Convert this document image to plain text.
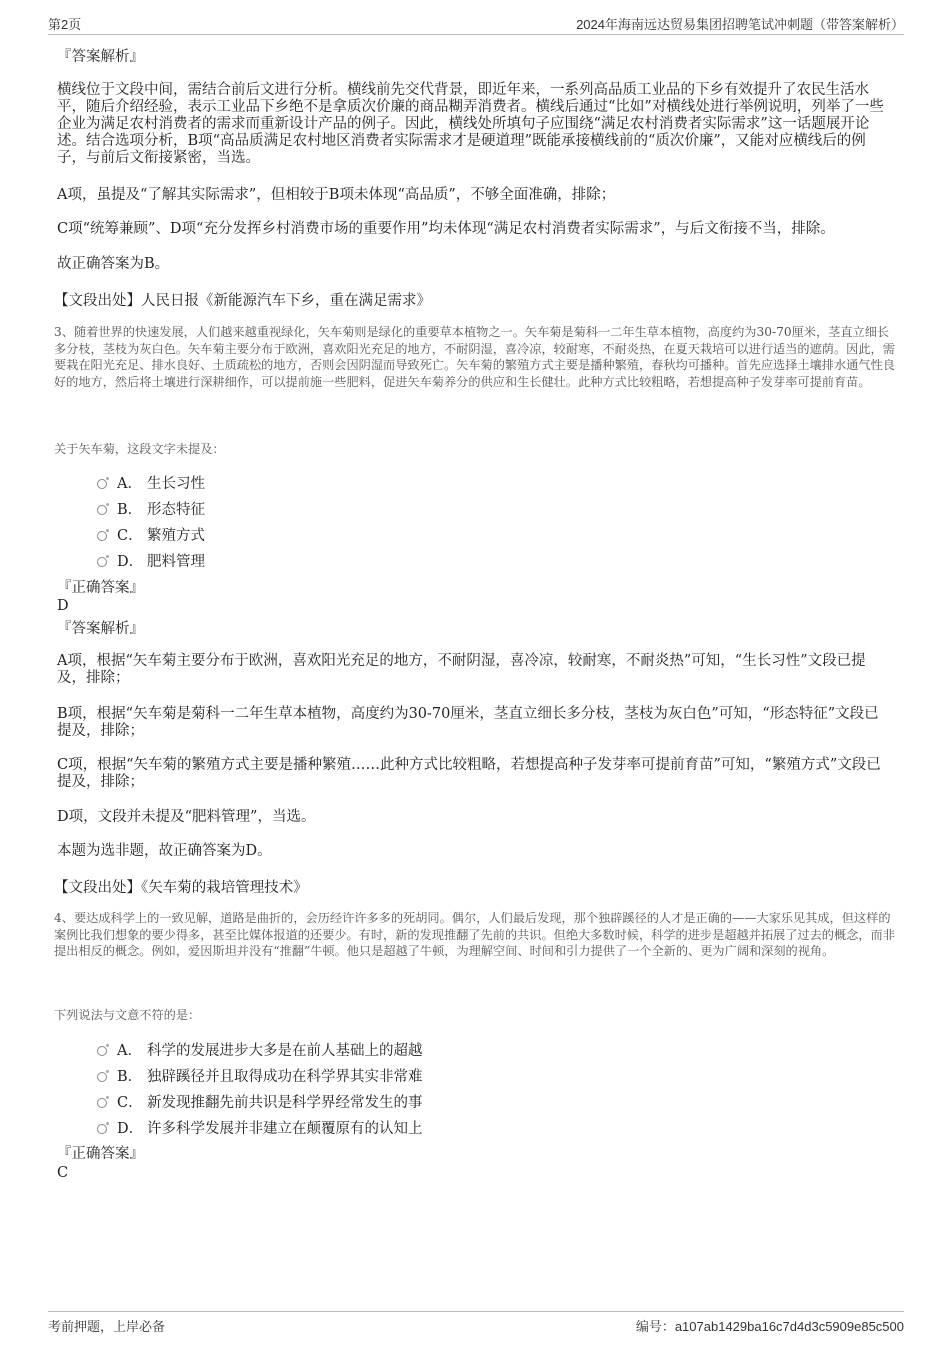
第2页	2024年海南远达贸易集团招聘笔试冲刺题（带答案解析）

『答案解析』

横线位于文段中间，需结合前后文进行分析。横线前先交代背景，即近年来，一系列高品质工业品的下乡有效提升了农民生活水平，随后介绍经验，表示工业品下乡绝不是拿质次价廉的商品糊弄消费者。横线后通过“比如”对横线处进行举例说明，列举了一些企业为满足农村消费者的需求而重新设计产品的例子。因此，横线处所填句子应围绕“满足农村消费者实际需求”这一话题展开论述。结合选项分析，B项“高品质满足农村地区消费者实际需求才是硬道理”既能承接横线前的“质次价廉”，又能对应横线后的例子，与前后文衔接紧密，当选。

A项，虽提及“了解其实际需求”，但相较于B项未体现“高品质”，不够全面准确，排除；

C项“统筹兼顾”、D项“充分发挥乡村消费市场的重要作用”均未体现“满足农村消费者实际需求”，与后文衔接不当，排除。

故正确答案为B。

【文段出处】人民日报《新能源汽车下乡，重在满足需求》

3、随着世界的快速发展，人们越来越重视绿化，矢车菊则是绿化的重要草本植物之一。矢车菊是菊科一二年生草本植物，高度约为30-70厘米，茎直立细长多分枝，茎枝为灰白色。矢车菊主要分布于欧洲，喜欢阳光充足的地方，不耐阴湿，喜冷凉，较耐寒，不耐炎热，在夏天栽培可以进行适当的遮荫。因此，需要栽在阳光充足、排水良好、土质疏松的地方，否则会因阴湿而导致死亡。矢车菊的繁殖方式主要是播种繁殖，春秋均可播种。首先应选择土壤排水通气性良好的地方，然后将土壤进行深耕细作，可以提前施一些肥料，促进矢车菊养分的供应和生长健壮。此种方式比较粗略，若想提高种子发芽率可提前育苗。

关于矢车菊，这段文字未提及：

A． 生长习性
B． 形态特征
C． 繁殖方式
D． 肥料管理

『正确答案』

D

『答案解析』

A项，根据“矢车菊主要分布于欧洲，喜欢阳光充足的地方，不耐阴湿，喜冷凉，较耐寒，不耐炎热”可知，“生长习性”文段已提及，排除；

B项，根据“矢车菊是菊科一二年生草本植物，高度约为30-70厘米，茎直立细长多分枝，茎枝为灰白色”可知，“形态特征”文段已提及，排除；

C项，根据“矢车菊的繁殖方式主要是播种繁殖……此种方式比较粗略，若想提高种子发芽率可提前育苗”可知，“繁殖方式”文段已提及，排除；

D项，文段并未提及“肥料管理”，当选。

本题为选非题，故正确答案为D。

【文段出处】《矢车菊的栽培管理技术》

4、要达成科学上的一致见解，道路是曲折的，会历经许许多多的死胡同。偶尔，人们最后发现，那个独辟蹊径的人才是正确的——大家乐见其成，但这样的案例比我们想象的要少得多，甚至比媒体报道的还要少。有时，新的发现推翻了先前的共识。但绝大多数时候，科学的进步是超越并拓展了过去的概念，而非提出相反的概念。例如，爱因斯坦并没有“推翻”牛顿。他只是超越了牛顿，为理解空间、时间和引力提供了一个全新的、更为广阔和深刻的视角。

下列说法与文意不符的是：

A． 科学的发展进步大多是在前人基础上的超越
B． 独辟蹊径并且取得成功在科学界其实非常难
C． 新发现推翻先前共识是科学界经常发生的事
D． 许多科学发展并非建立在颠覆原有的认知上

『正确答案』

C

考前押题，上岸必备	编号：a107ab1429ba16c7d4d3c5909e85c500
